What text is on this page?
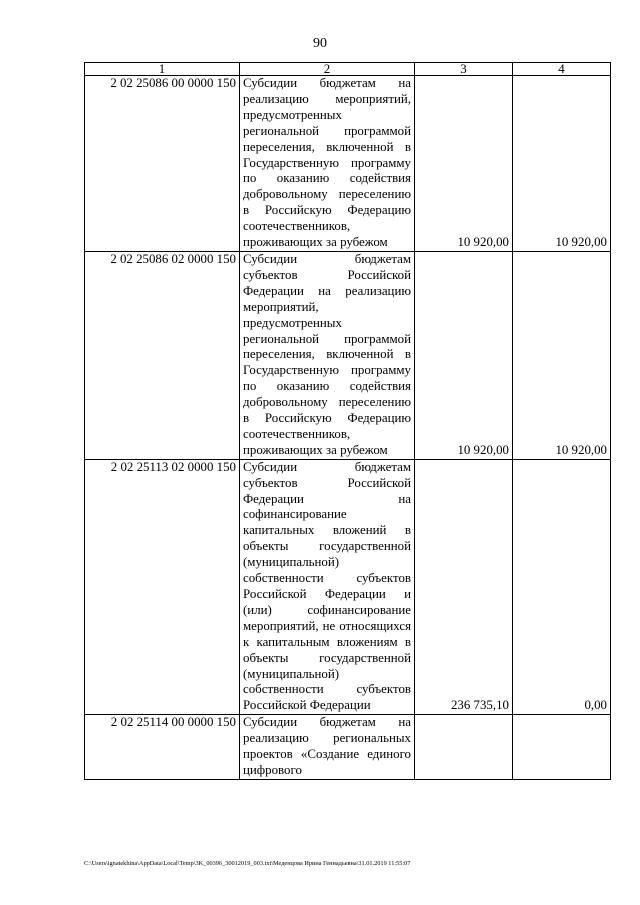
90
1	2	3	4
2 02 25086 00 0000 150	Субсидии бюджетам на реализацию мероприятий, предусмотренных региональной программой переселения, включенной в Государственную программу по оказанию содействия добровольному переселению в Российскую Федерацию соотечественников, проживающих за рубежом	10 920,00	10 920,00
2 02 25086 02 0000 150	Субсидии бюджетам субъектов Российской Федерации на реализацию мероприятий, предусмотренных региональной программой переселения, включенной в Государственную программу по оказанию содействия добровольному переселению в Российскую Федерацию соотечественников, проживающих за рубежом	10 920,00	10 920,00
2 02 25113 02 0000 150	Субсидии бюджетам субъектов Российской Федерации на софинансирование капитальных вложений в объекты государственной (муниципальной) собственности субъектов Российской Федерации и (или) софинансирование мероприятий, не относящихся к капитальным вложениям в объекты государственной (муниципальной) собственности субъектов Российской Федерации	236 735,10	0,00
2 02 25114 00 0000 150	Субсидии бюджетам на реализацию региональных проектов «Создание единого цифрового		

C:\Users\ignatekhina\AppData\Local\Temp\3K_00396_30012019_003.txt\Меденцова Ирина Геннадьевна\31.01.2019 11:55:07
